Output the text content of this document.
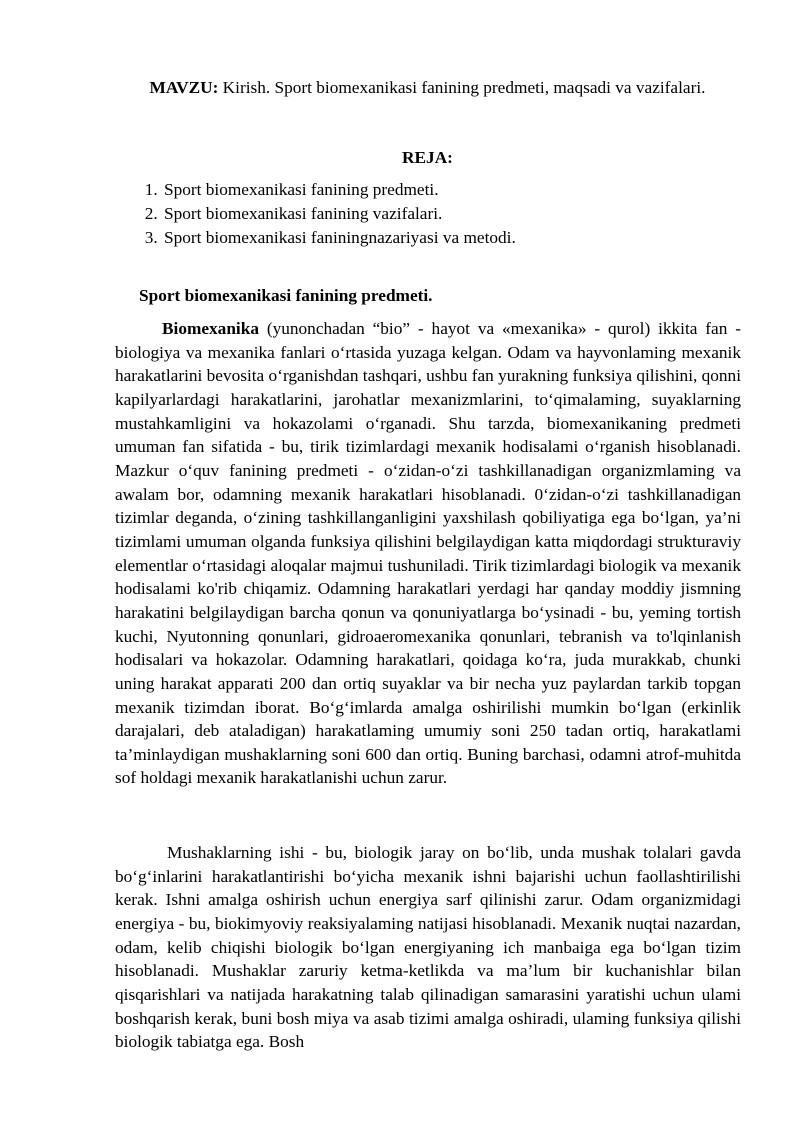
MAVZU: Kirish. Sport biomexanikasi fanining predmeti, maqsadi va vazifalari.
REJA:
1. Sport biomexanikasi fanining predmeti.
2. Sport biomexanikasi fanining vazifalari.
3. Sport biomexanikasi faniningnazariyasi va metodi.
Sport biomexanikasi fanining predmeti.

Biomexanika (yunonchadan “bio” - hayot va «mexanika» - qurol) ikkita fan - biologiya va mexanika fanlari o‘rtasida yuzaga kelgan. Odam va hayvonlaming mexanik harakatlarini bevosita o‘rganishdan tashqari, ushbu fan yurakning funksiya qilishini, qonni kapilyarlardagi harakatlarini, jarohatlar mexanizmlarini, to‘qimalaming, suyaklarning mustahkamligini va hokazolami o‘rganadi. Shu tarzda, biomexanikaning predmeti umuman fan sifatida - bu, tirik tizimlardagi mexanik hodisalami o‘rganish hisoblanadi. Mazkur o‘quv fanining predmeti - o‘zidan-o‘zi tashkillanadigan organizmlaming va awalam bor, odamning mexanik harakatlari hisoblanadi. 0‘zidan-o‘zi tashkillanadigan tizimlar deganda, o‘zining tashkillanganligini yaxshilash qobiliyatiga ega bo‘lgan, ya’ni tizimlami umuman olganda funksiya qilishini belgilaydigan katta miqdordagi strukturaviy elementlar o‘rtasidagi aloqalar majmui tushuniladi. Tirik tizimlardagi biologik va mexanik hodisalami ko'rib chiqamiz. Odamning harakatlari yerdagi har qanday moddiy jismning harakatini belgilaydigan barcha qonun va qonuniyatlarga bo‘ysinadi - bu, yeming tortish kuchi, Nyutonning qonunlari, gidroaeromexanika qonunlari, tebranish va to'lqinlanish hodisalari va hokazolar. Odamning harakatlari, qoidaga ko‘ra, juda murakkab, chunki uning harakat apparati 200 dan ortiq suyaklar va bir necha yuz paylardan tarkib topgan mexanik tizimdan iborat. Bo‘g‘imlarda amalga oshirilishi mumkin bo‘lgan (erkinlik darajalari, deb ataladigan) harakatlaming umumiy soni 250 tadan ortiq, harakatlami ta’minlaydigan mushaklarning soni 600 dan ortiq. Buning barchasi, odamni atrof-muhitda sof holdagi mexanik harakatlanishi uchun zarur.

Mushaklarning ishi - bu, biologik jaray on bo‘lib, unda mushak tolalari gavda bo‘g‘inlarini harakatlantirishi bo‘yicha mexanik ishni bajarishi uchun faollashtirilishi kerak. Ishni amalga oshirish uchun energiya sarf qilinishi zarur. Odam organizmidagi energiya - bu, biokimyoviy reaksiyalaming natijasi hisoblanadi. Mexanik nuqtai nazardan, odam, kelib chiqishi biologik bo‘lgan energiyaning ich manbaiga ega bo‘lgan tizim hisoblanadi. Mushaklar zaruriy ketma-ketlikda va ma’lum bir kuchanishlar bilan qisqarishlari va natijada harakatning talab qilinadigan samarasini yaratishi uchun ulami boshqarish kerak, buni bosh miya va asab tizimi amalga oshiradi, ulaming funksiya qilishi biologik tabiatga ega. Bosh
